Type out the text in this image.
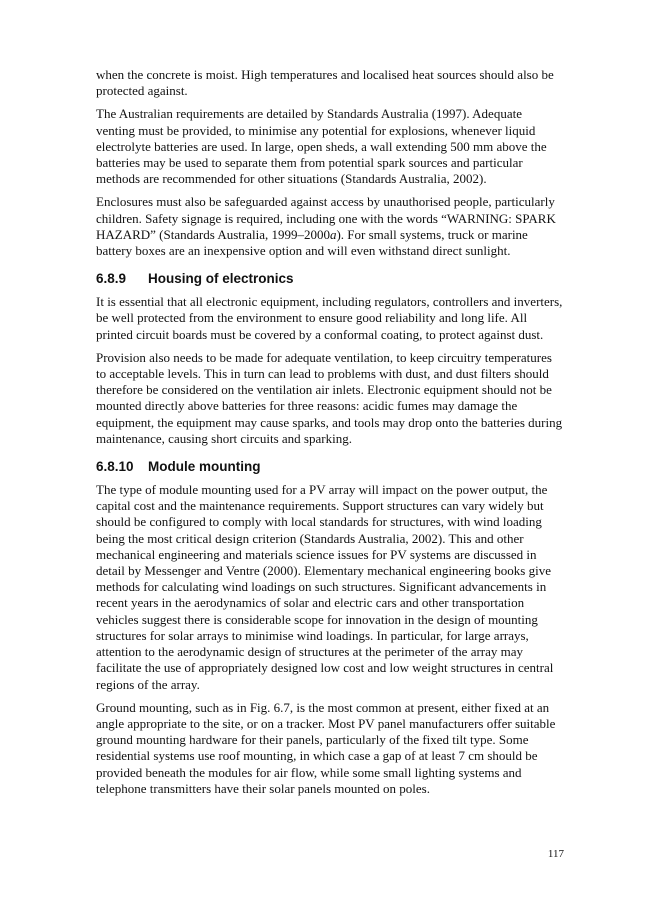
when the concrete is moist. High temperatures and localised heat sources should also be protected against.

The Australian requirements are detailed by Standards Australia (1997). Adequate venting must be provided, to minimise any potential for explosions, whenever liquid electrolyte batteries are used. In large, open sheds, a wall extending 500 mm above the batteries may be used to separate them from potential spark sources and particular methods are recommended for other situations (Standards Australia, 2002).

Enclosures must also be safeguarded against access by unauthorised people, particularly children. Safety signage is required, including one with the words “WARNING: SPARK HAZARD” (Standards Australia, 1999–2000a). For small systems, truck or marine battery boxes are an inexpensive option and will even withstand direct sunlight.

6.8.9 Housing of electronics

It is essential that all electronic equipment, including regulators, controllers and inverters, be well protected from the environment to ensure good reliability and long life. All printed circuit boards must be covered by a conformal coating, to protect against dust.

Provision also needs to be made for adequate ventilation, to keep circuitry temperatures to acceptable levels. This in turn can lead to problems with dust, and dust filters should therefore be considered on the ventilation air inlets. Electronic equipment should not be mounted directly above batteries for three reasons: acidic fumes may damage the equipment, the equipment may cause sparks, and tools may drop onto the batteries during maintenance, causing short circuits and sparking.

6.8.10 Module mounting

The type of module mounting used for a PV array will impact on the power output, the capital cost and the maintenance requirements. Support structures can vary widely but should be configured to comply with local standards for structures, with wind loading being the most critical design criterion (Standards Australia, 2002). This and other mechanical engineering and materials science issues for PV systems are discussed in detail by Messenger and Ventre (2000). Elementary mechanical engineering books give methods for calculating wind loadings on such structures. Significant advancements in recent years in the aerodynamics of solar and electric cars and other transportation vehicles suggest there is considerable scope for innovation in the design of mounting structures for solar arrays to minimise wind loadings. In particular, for large arrays, attention to the aerodynamic design of structures at the perimeter of the array may facilitate the use of appropriately designed low cost and low weight structures in central regions of the array.

Ground mounting, such as in Fig. 6.7, is the most common at present, either fixed at an angle appropriate to the site, or on a tracker. Most PV panel manufacturers offer suitable ground mounting hardware for their panels, particularly of the fixed tilt type. Some residential systems use roof mounting, in which case a gap of at least 7 cm should be provided beneath the modules for air flow, while some small lighting systems and telephone transmitters have their solar panels mounted on poles.

117
